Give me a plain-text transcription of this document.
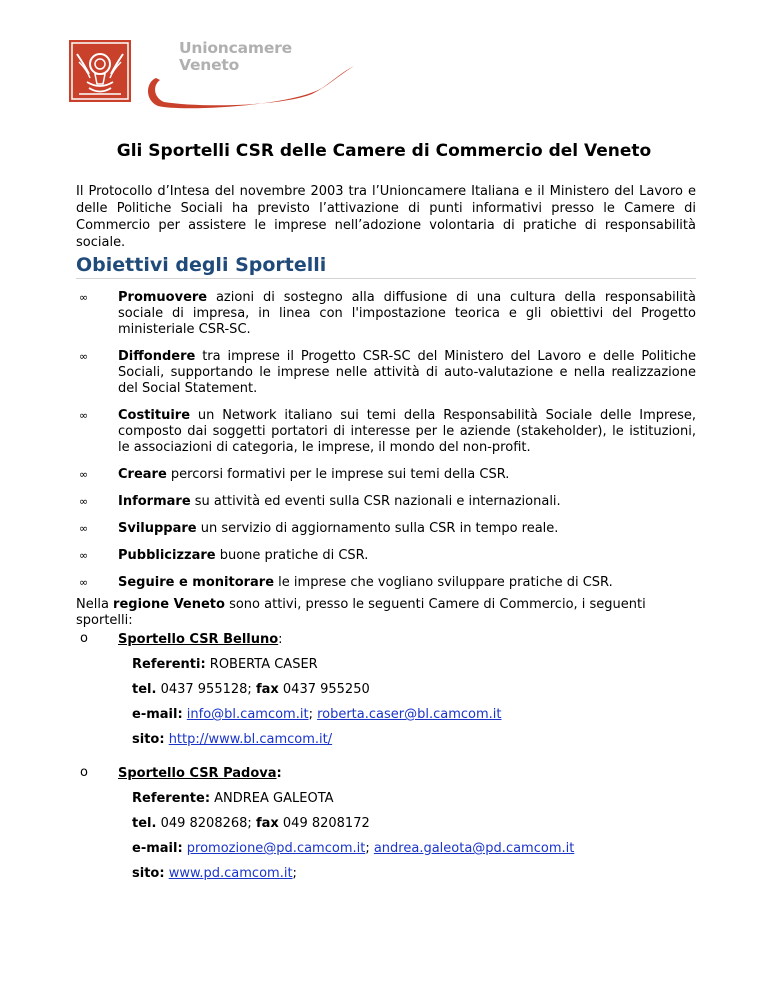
Unioncamere
Veneto
Gli Sportelli CSR delle Camere di Commercio del Veneto
Il Protocollo d’Intesa del novembre 2003 tra l’Unioncamere Italiana e il Ministero del Lavoro e delle Politiche Sociali ha previsto l’attivazione di punti informativi presso le Camere di Commercio per assistere le imprese nell’adozione volontaria di pratiche di responsabilità sociale.
Obiettivi degli Sportelli
∞ Promuovere azioni di sostegno alla diffusione di una cultura della responsabilità sociale di impresa, in linea con l'impostazione teorica e gli obiettivi del Progetto ministeriale CSR-SC.
∞ Diffondere tra imprese il Progetto CSR-SC del Ministero del Lavoro e delle Politiche Sociali, supportando le imprese nelle attività di auto-valutazione e nella realizzazione del Social Statement.
∞ Costituire un Network italiano sui temi della Responsabilità Sociale delle Imprese, composto dai soggetti portatori di interesse per le aziende (stakeholder), le istituzioni, le associazioni di categoria, le imprese, il mondo del non-profit.
∞ Creare percorsi formativi per le imprese sui temi della CSR.
∞ Informare su attività ed eventi sulla CSR nazionali e internazionali.
∞ Sviluppare un servizio di aggiornamento sulla CSR in tempo reale.
∞ Pubblicizzare buone pratiche di CSR.
∞ Seguire e monitorare le imprese che vogliano sviluppare pratiche di CSR.
Nella regione Veneto sono attivi, presso le seguenti Camere di Commercio, i seguenti sportelli:
o Sportello CSR Belluno:
Referenti: ROBERTA CASER
tel. 0437 955128; fax 0437 955250
e-mail: info@bl.camcom.it; roberta.caser@bl.camcom.it
sito: http://www.bl.camcom.it/
o Sportello CSR Padova:
Referente: ANDREA GALEOTA
tel. 049 8208268; fax 049 8208172
e-mail: promozione@pd.camcom.it; andrea.galeota@pd.camcom.it
sito: www.pd.camcom.it;
